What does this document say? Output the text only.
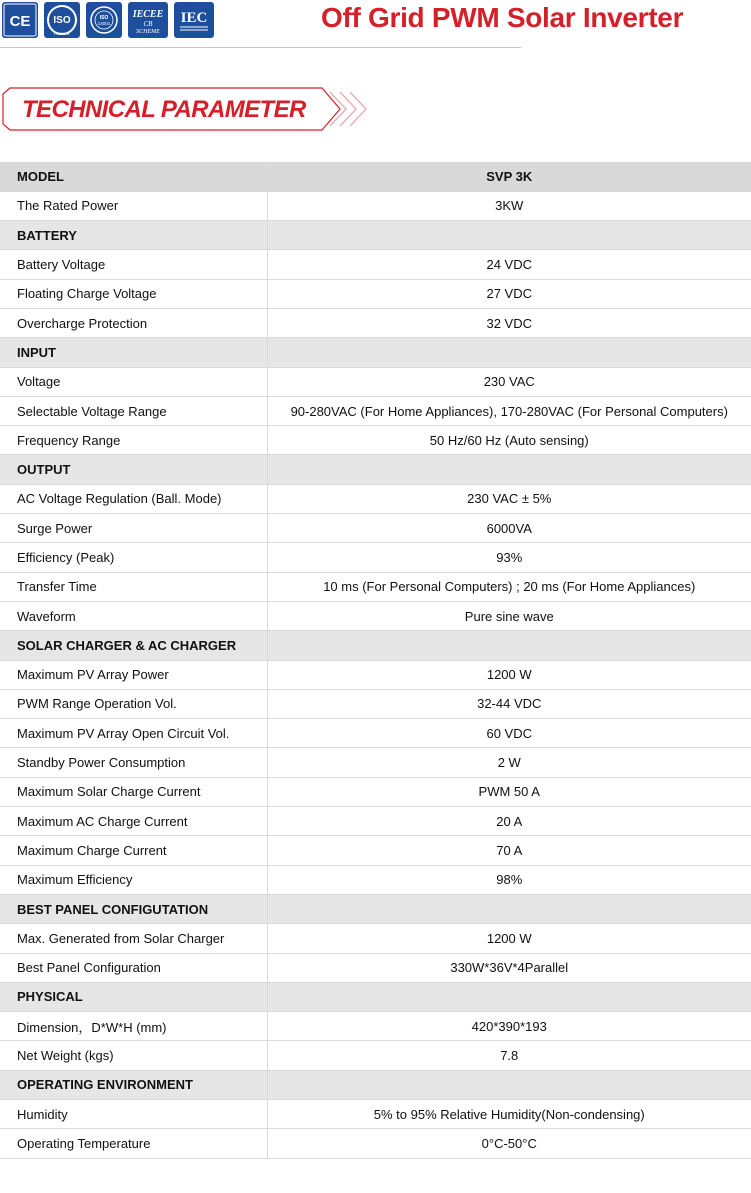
CE ISO
ISO9001
ISO
14001
IECEE
CB
SCHEME
IEC	Off Grid PWM Solar Inverter
TECHNICAL PARAMETER
MODEL	SVP 3K
The Rated Power	3KW
BATTERY	
Battery Voltage	24 VDC
Floating Charge Voltage	27 VDC
Overcharge Protection	32 VDC
INPUT	
Voltage	230 VAC
Selectable Voltage Range	90-280VAC (For Home Appliances), 170-280VAC (For Personal Computers)
Frequency Range	50 Hz/60 Hz (Auto sensing)
OUTPUT	
AC Voltage Regulation (Ball. Mode)	230 VAC ± 5%
Surge Power	6000VA
Efficiency (Peak)	93%
Transfer Time	10 ms (For Personal Computers) ; 20 ms (For Home Appliances)
Waveform	Pure sine wave
SOLAR CHARGER & AC CHARGER	
Maximum PV Array Power	1200 W
PWM Range Operation Vol.	32-44 VDC
Maximum PV Array Open Circuit Vol.	60 VDC
Standby Power Consumption	2 W
Maximum Solar Charge Current	PWM 50 A
Maximum AC Charge Current	20 A
Maximum Charge Current	70 A
Maximum Efficiency	98%
BEST PANEL CONFIGUTATION	
Max. Generated from Solar Charger	1200 W
Best Panel Configuration	330W*36V*4Parallel
PHYSICAL	
Dimension，D*W*H (mm)	420*390*193
Net Weight (kgs)	7.8
OPERATING ENVIRONMENT	
Humidity	5% to 95% Relative Humidity(Non-condensing)
Operating Temperature	0°C-50°C
